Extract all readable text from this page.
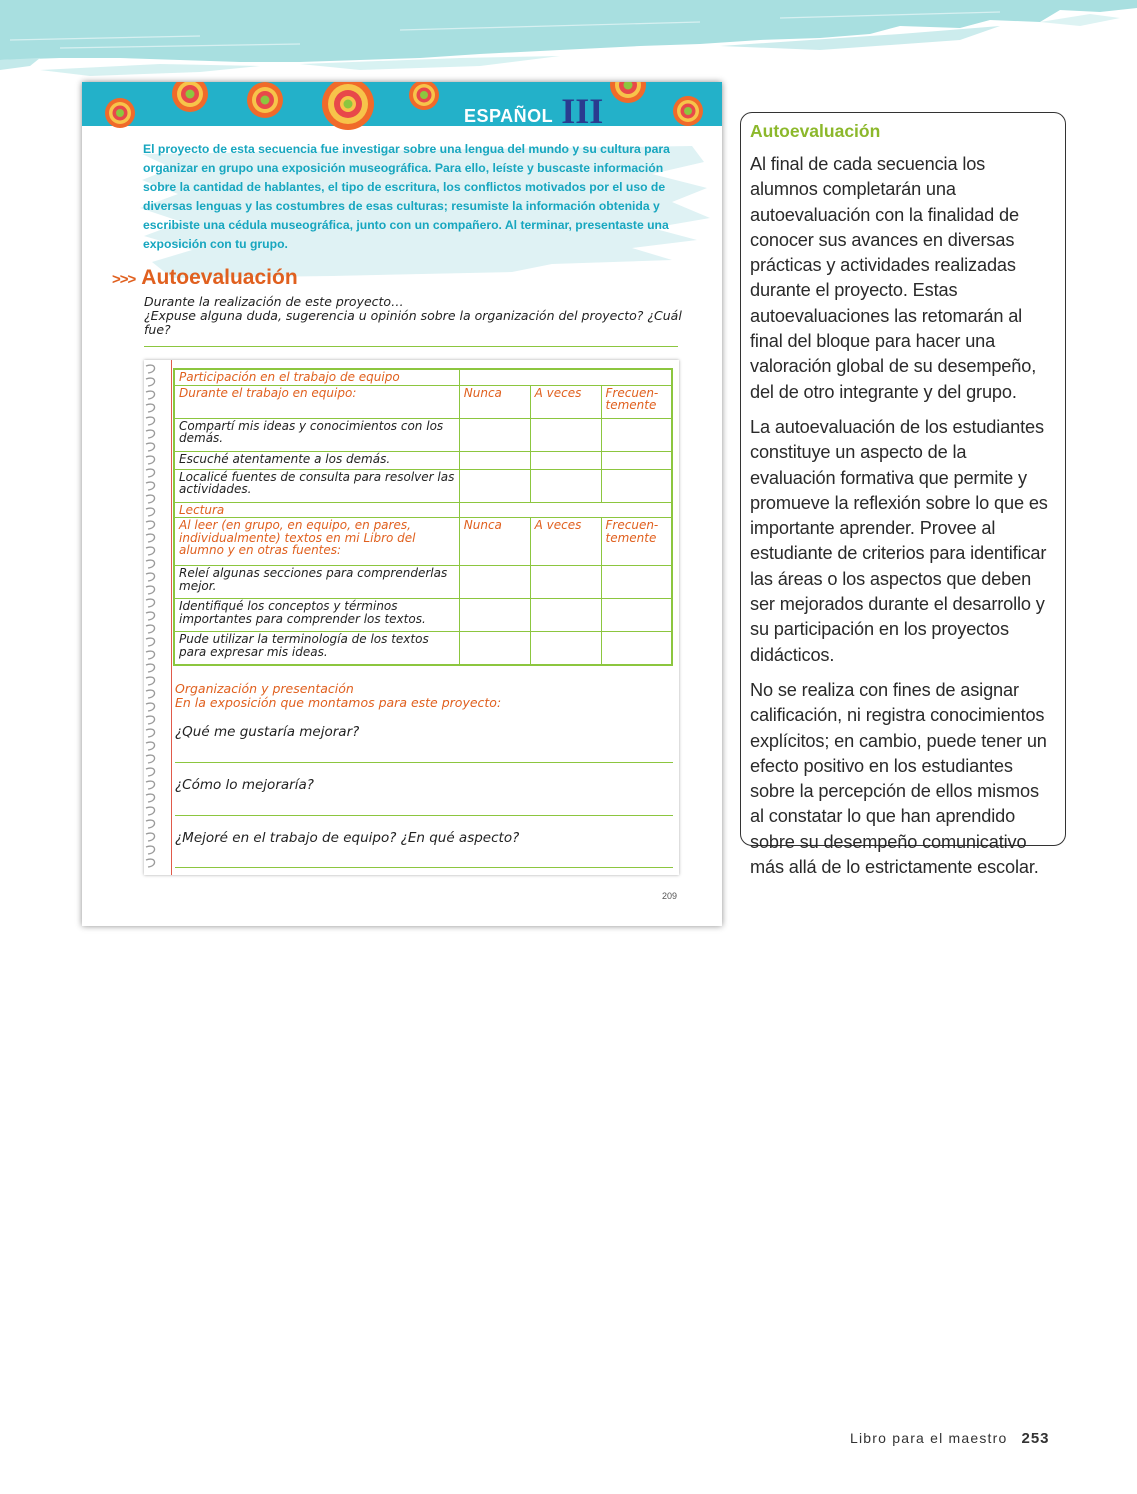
ESPAÑOL III
El proyecto de esta secuencia fue investigar sobre una lengua del mundo y su cultura para organizar en grupo una exposición museográfica. Para ello, leíste y buscaste información sobre la cantidad de hablantes, el tipo de escritura, los conflictos motivados por el uso de diversas lenguas y las costumbres de esas culturas; resumiste la información obtenida y escribiste una cédula museográfica, junto con un compañero. Al terminar, presentaste una exposición con tu grupo.
>>> Autoevaluación
Durante la realización de este proyecto…
¿Expuse alguna duda, sugerencia u opinión sobre la organización del proyecto? ¿Cuál fue?
Participación en el trabajo de equipo			
Durante el trabajo en equipo:	Nunca	A veces	Frecuen-temente
Compartí mis ideas y conocimientos con los demás.			
Escuché atentamente a los demás.			
Localicé fuentes de consulta para resolver las actividades.			
Lectura			
Al leer (en grupo, en equipo, en pares, individualmente) textos en mi Libro del alumno y en otras fuentes:	Nunca	A veces	Frecuen-temente
Releí algunas secciones para comprenderlas mejor.			
Identifiqué los conceptos y términos importantes para comprender los textos.			
Pude utilizar la terminología de los textos para expresar mis ideas.			
Organización y presentación
En la exposición que montamos para este proyecto:
¿Qué me gustaría mejorar?
¿Cómo lo mejoraría?
¿Mejoré en el trabajo de equipo? ¿En qué aspecto?
209
Autoevaluación

Al final de cada secuencia los alumnos completarán una autoevaluación con la finalidad de conocer sus avances en diversas prácticas y actividades realizadas durante el proyecto. Estas autoevaluaciones las retomarán al final del bloque para hacer una valoración global de su desempeño, del de otro integrante y del grupo.

La autoevaluación de los estudiantes constituye un aspecto de la evaluación formativa que permite y promueve la reflexión sobre lo que es importante aprender. Provee al estudiante de criterios para identificar las áreas o los aspectos que deben ser mejorados durante el desarrollo y su participación en los proyectos didácticos.

No se realiza con fines de asignar calificación, ni registra conocimientos explícitos; en cambio, puede tener un efecto positivo en los estudiantes sobre la percepción de ellos mismos al constatar lo que han aprendido sobre su desempeño comunicativo más allá de lo estrictamente escolar.

Libro para el maestro 253
